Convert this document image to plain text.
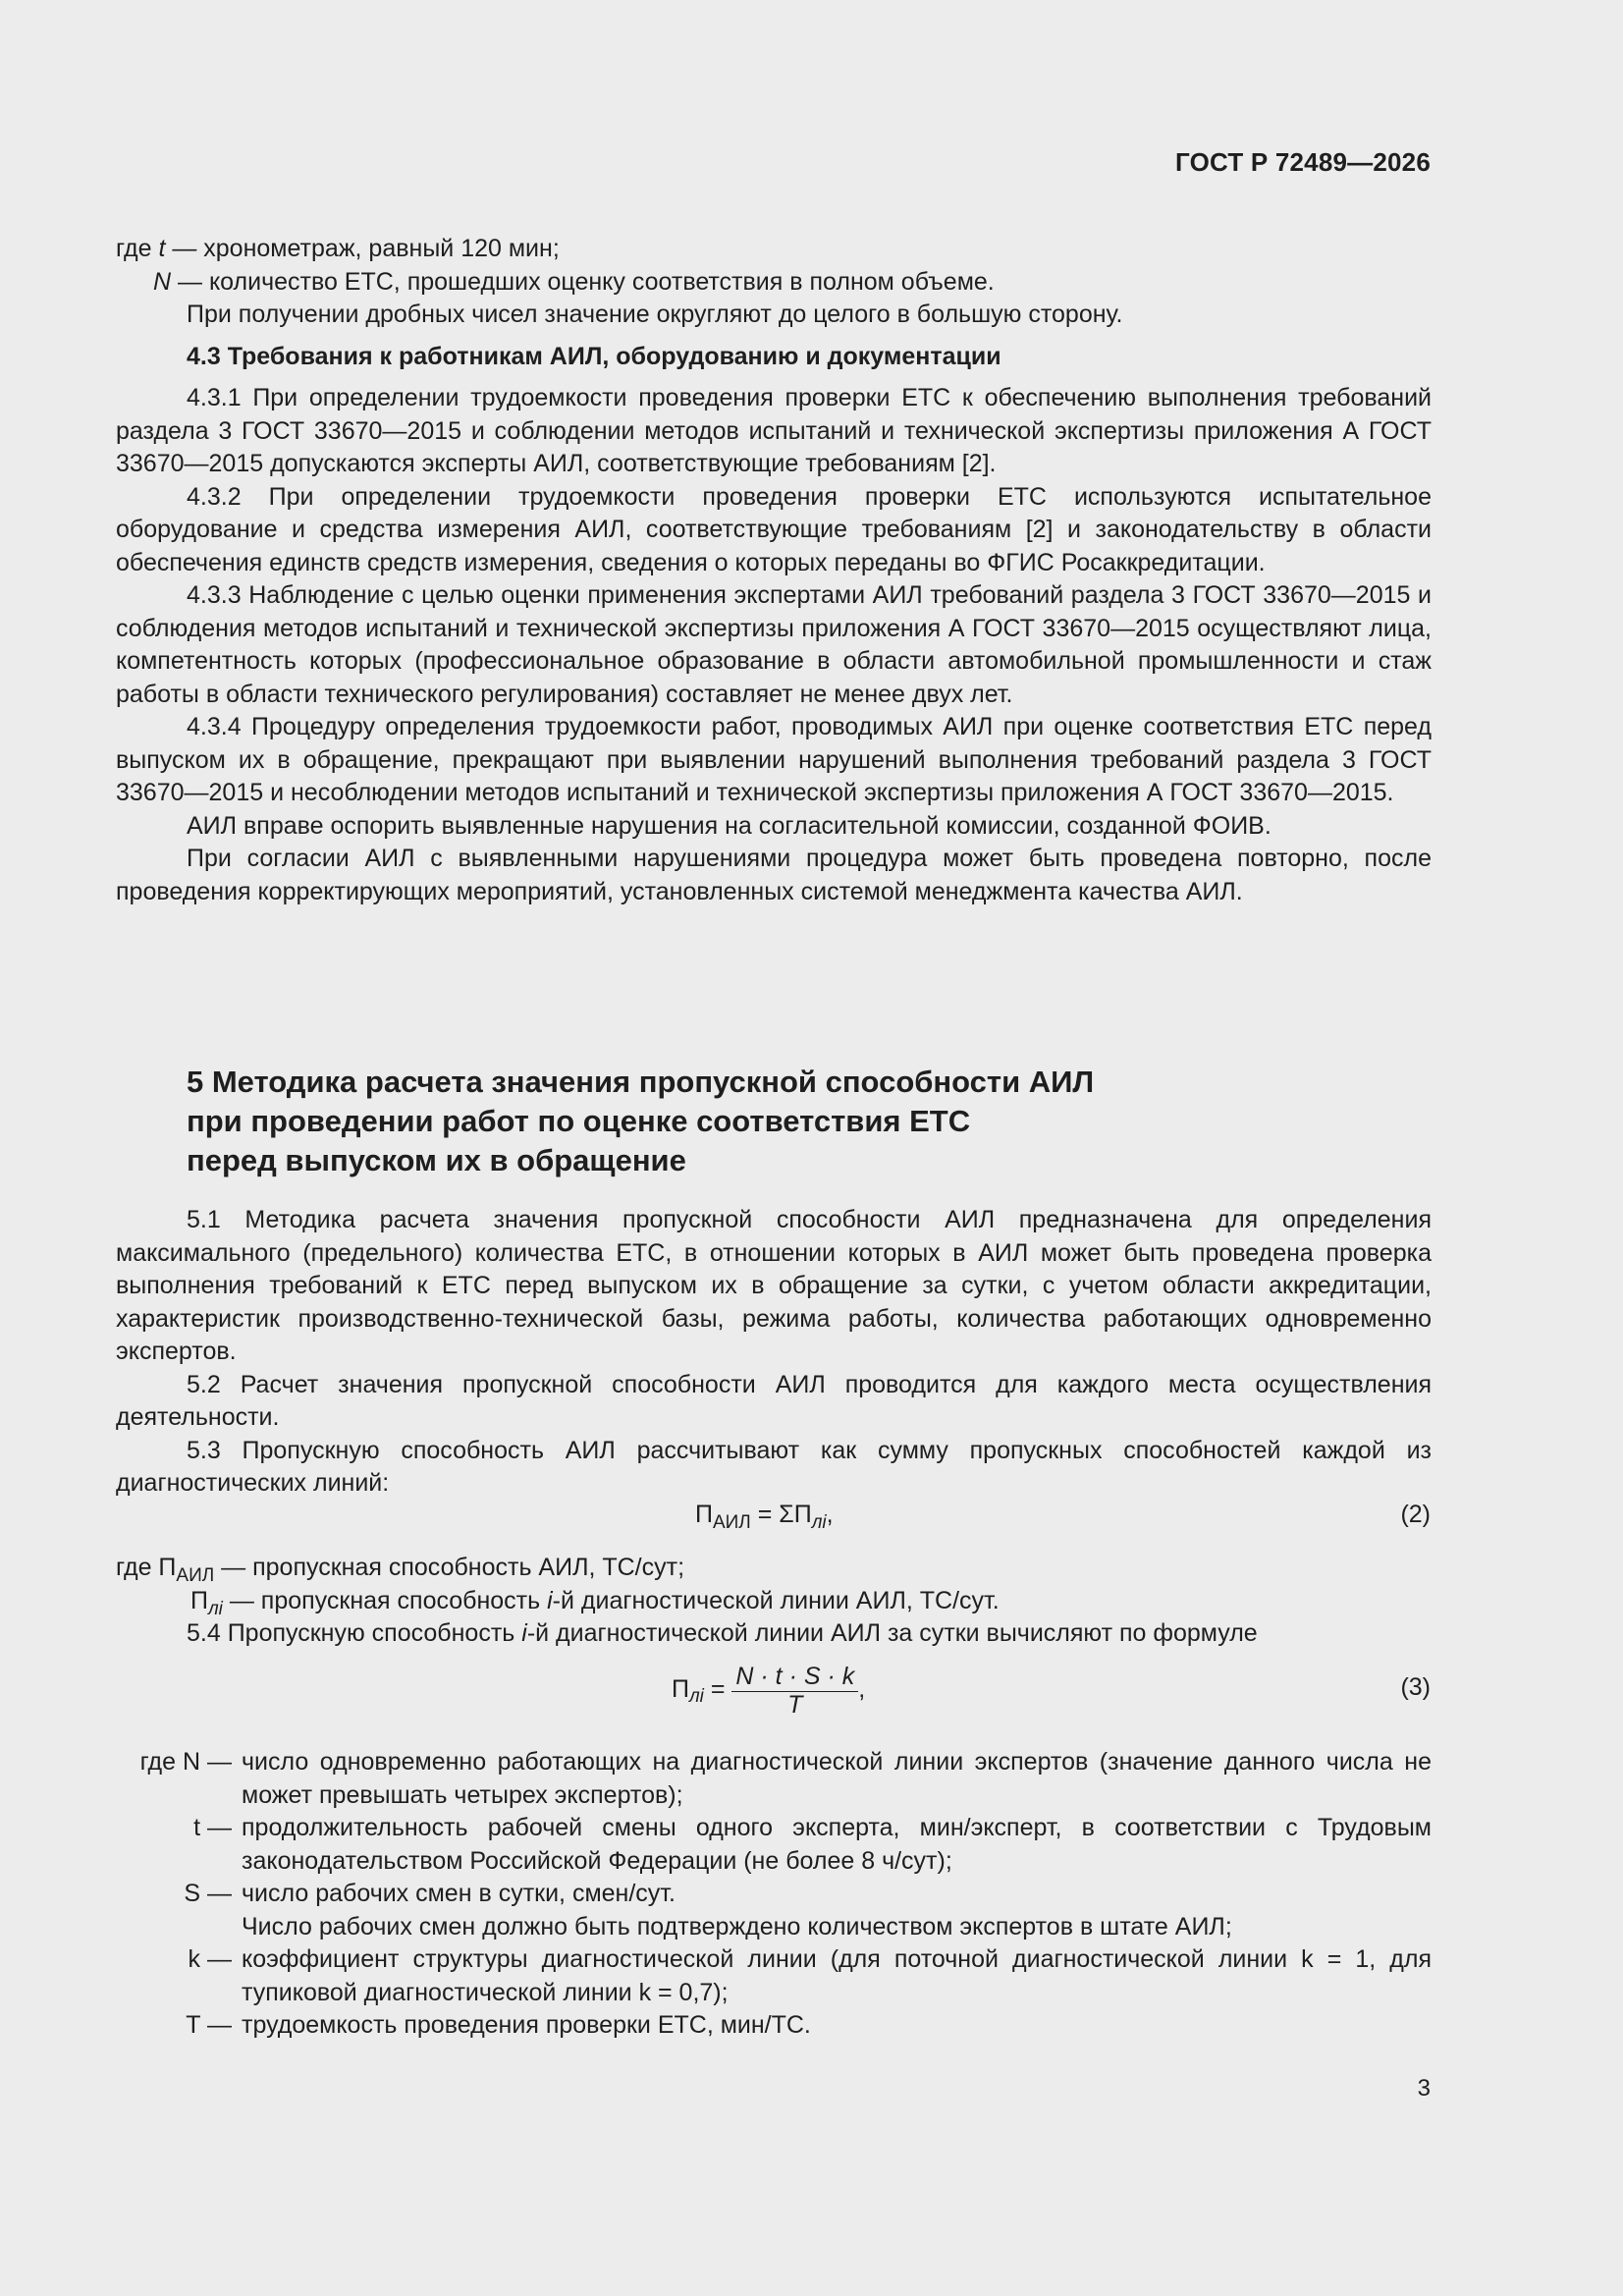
ГОСТ Р 72489—2026

где t — хронометраж, равный 120 мин;

N — количество ЕТС, прошедших оценку соответствия в полном объеме.

При получении дробных чисел значение округляют до целого в большую сторону.

4.3 Требования к работникам АИЛ, оборудованию и документации

4.3.1 При определении трудоемкости проведения проверки ЕТС к обеспечению выполнения требований раздела 3 ГОСТ 33670—2015 и соблюдении методов испытаний и технической экспертизы приложения А ГОСТ 33670—2015 допускаются эксперты АИЛ, соответствующие требованиям [2].

4.3.2 При определении трудоемкости проведения проверки ЕТС используются испытательное оборудование и средства измерения АИЛ, соответствующие требованиям [2] и законодательству в области обеспечения единств средств измерения, сведения о которых переданы во ФГИС Росаккредитации.

4.3.3 Наблюдение с целью оценки применения экспертами АИЛ требований раздела 3 ГОСТ 33670—2015 и соблюдения методов испытаний и технической экспертизы приложения А ГОСТ 33670—2015 осуществляют лица, компетентность которых (профессиональное образование в области автомобильной промышленности и стаж работы в области технического регулирования) составляет не менее двух лет.

4.3.4 Процедуру определения трудоемкости работ, проводимых АИЛ при оценке соответствия ЕТС перед выпуском их в обращение, прекращают при выявлении нарушений выполнения требований раздела 3 ГОСТ 33670—2015 и несоблюдении методов испытаний и технической экспертизы приложения А ГОСТ 33670—2015.

АИЛ вправе оспорить выявленные нарушения на согласительной комиссии, созданной ФОИВ.

При согласии АИЛ с выявленными нарушениями процедура может быть проведена повторно, после проведения корректирующих мероприятий, установленных системой менеджмента качества АИЛ.

5 Методика расчета значения пропускной способности АИЛ
при проведении работ по оценке соответствия ЕТС
перед выпуском их в обращение

5.1 Методика расчета значения пропускной способности АИЛ предназначена для определения максимального (предельного) количества ЕТС, в отношении которых в АИЛ может быть проведена проверка выполнения требований к ЕТС перед выпуском их в обращение за сутки, с учетом области аккредитации, характеристик производственно-технической базы, режима работы, количества работающих одновременно экспертов.

5.2 Расчет значения пропускной способности АИЛ проводится для каждого места осуществления деятельности.

5.3 Пропускную способность АИЛ рассчитывают как сумму пропускных способностей каждой из диагностических линий:

$П_{АИЛ} = \Sigma П_{лi}$,	(2)

где $П_{АИЛ}$ — пропускная способность АИЛ, ТС/сут;

$П_{лi}$ — пропускная способность i-й диагностической линии АИЛ, ТС/сут.

5.4 Пропускную способность i-й диагностической линии АИЛ за сутки вычисляют по формуле

$П_{лi} = \frac{N \cdot t \cdot S \cdot k}{T}$ ,	(3)
где N — число одновременно работающих на диагностической линии экспертов (значение данного числа не может превышать четырех экспертов);
t — продолжительность рабочей смены одного эксперта, мин/эксперт, в соответствии с Трудовым законодательством Российской Федерации (не более 8 ч/сут);
S — число рабочих смен в сутки, смен/сут.
Число рабочих смен должно быть подтверждено количеством экспертов в штате АИЛ;
k — коэффициент структуры диагностической линии (для поточной диагностической линии k = 1, для тупиковой диагностической линии k = 0,7);
T — трудоемкость проведения проверки ЕТС, мин/ТС.
3
